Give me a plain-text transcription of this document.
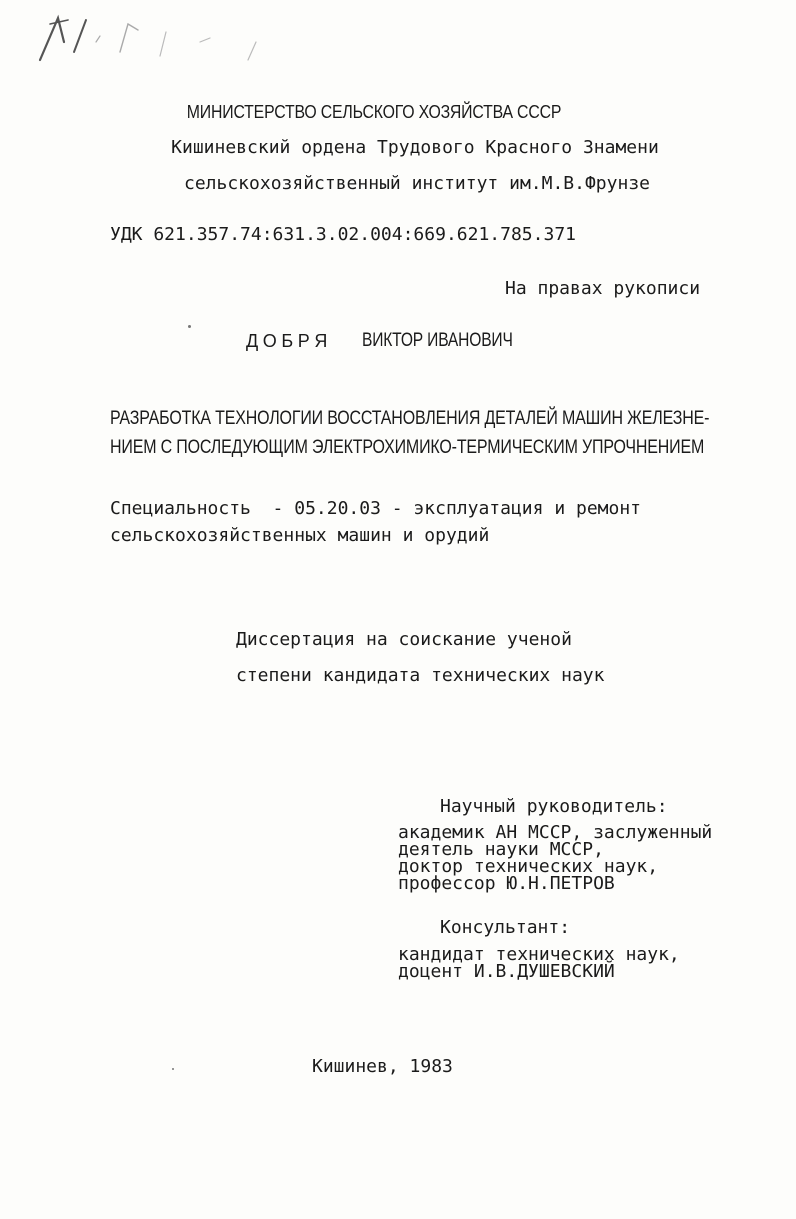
МИНИСТЕРСТВО СЕЛЬСКОГО ХОЗЯЙСТВА СССР
Кишиневский ордена Трудового Красного Знамени
сельскохозяйственный институт им.М.В.Фрунзе
УДК 621.357.74:631.3.02.004:669.621.785.371
На правах рукописи
Д О Б Р Я ВИКТОР ИВАНОВИЧ
РАЗРАБОТКА ТЕХНОЛОГИИ ВОССТАНОВЛЕНИЯ ДЕТАЛЕЙ МАШИН ЖЕЛЕЗНЕ-
НИЕМ С ПОСЛЕДУЮЩИМ ЭЛЕКТРОХИМИКО-ТЕРМИЧЕСКИМ УПРОЧНЕНИЕМ
Специальность  - 05.20.03 - эксплуатация и ремонт
сельскохозяйственных машин и орудий
Диссертация на соискание ученой
степени кандидата технических наук
Научный руководитель:
академик АН МССР, заслуженный
деятель науки МССР,
доктор технических наук,
профессор Ю.Н.ПЕТРОВ
Консультант:
кандидат технических наук,
доцент И.В.ДУШЕВСКИЙ
Кишинев, 1983
